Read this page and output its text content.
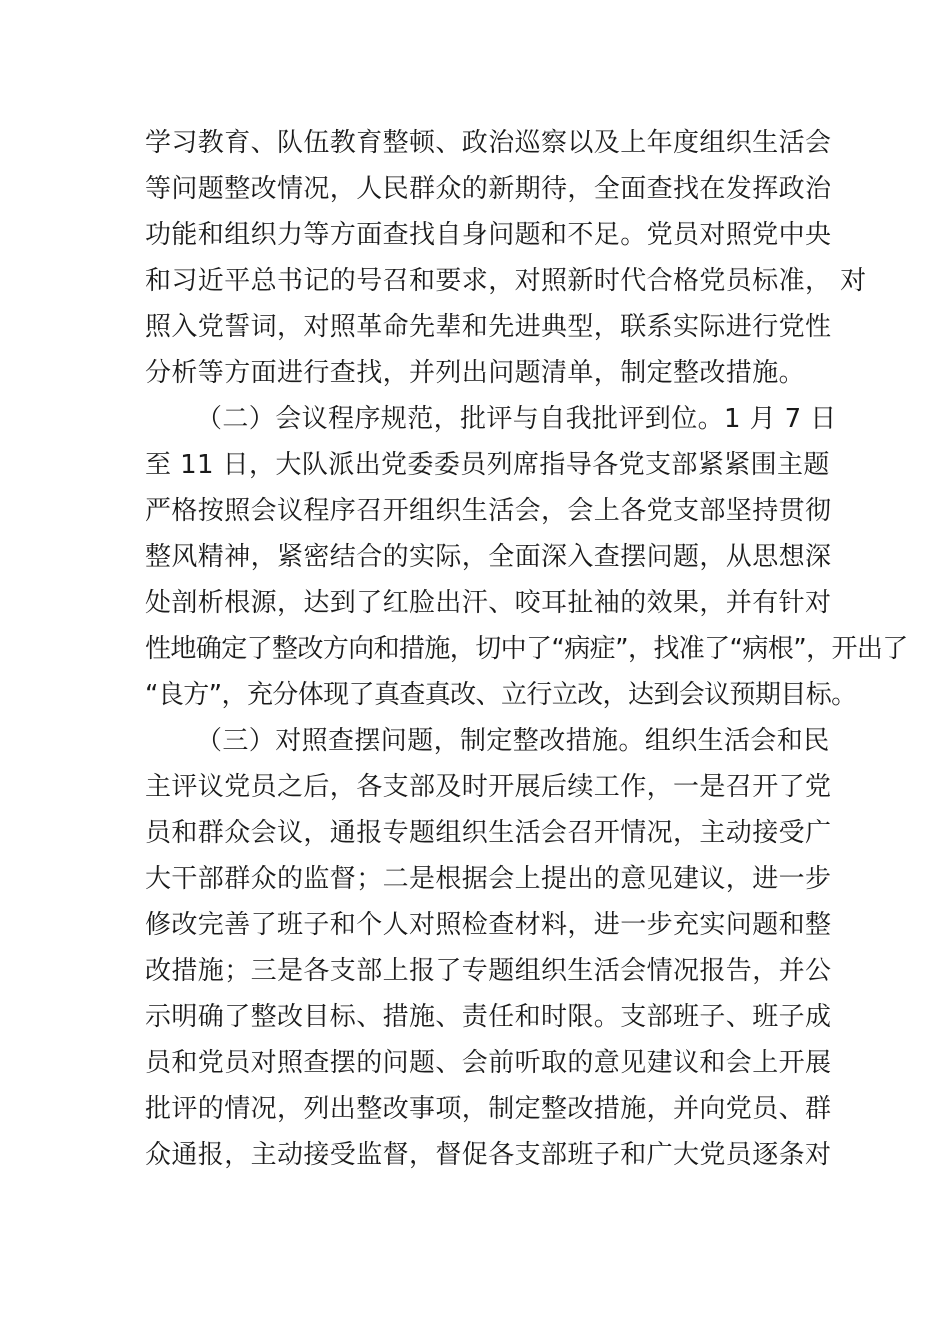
学习教育、队伍教育整顿、政治巡察以及上年度组织生活会
等问题整改情况，人民群众的新期待，全面查找在发挥政治
功能和组织力等方面查找自身问题和不足。党员对照党中央
和习近平总书记的号召和要求，对照新时代合格党员标准， 对
照入党誓词，对照革命先辈和先进典型，联系实际进行党性
分析等方面进行查找，并列出问题清单，制定整改措施。
（二）会议程序规范，批评与自我批评到位。1 月 7 日
至 11 日，大队派出党委委员列席指导各党支部紧紧围主题
严格按照会议程序召开组织生活会，会上各党支部坚持贯彻
整风精神，紧密结合的实际，全面深入查摆问题，从思想深
处剖析根源，达到了红脸出汗、咬耳扯袖的效果，并有针对
性地确定了整改方向和措施，切中了“病症”，找准了“病根”，开出了
“良方”，充分体现了真查真改、立行立改，达到会议预期目标。
（三）对照查摆问题，制定整改措施。组织生活会和民
主评议党员之后，各支部及时开展后续工作，一是召开了党
员和群众会议，通报专题组织生活会召开情况，主动接受广
大干部群众的监督；二是根据会上提出的意见建议，进一步
修改完善了班子和个人对照检查材料，进一步充实问题和整
改措施；三是各支部上报了专题组织生活会情况报告，并公
示明确了整改目标、措施、责任和时限。支部班子、班子成
员和党员对照查摆的问题、会前听取的意见建议和会上开展
批评的情况，列出整改事项，制定整改措施，并向党员、群
众通报，主动接受监督，督促各支部班子和广大党员逐条对
